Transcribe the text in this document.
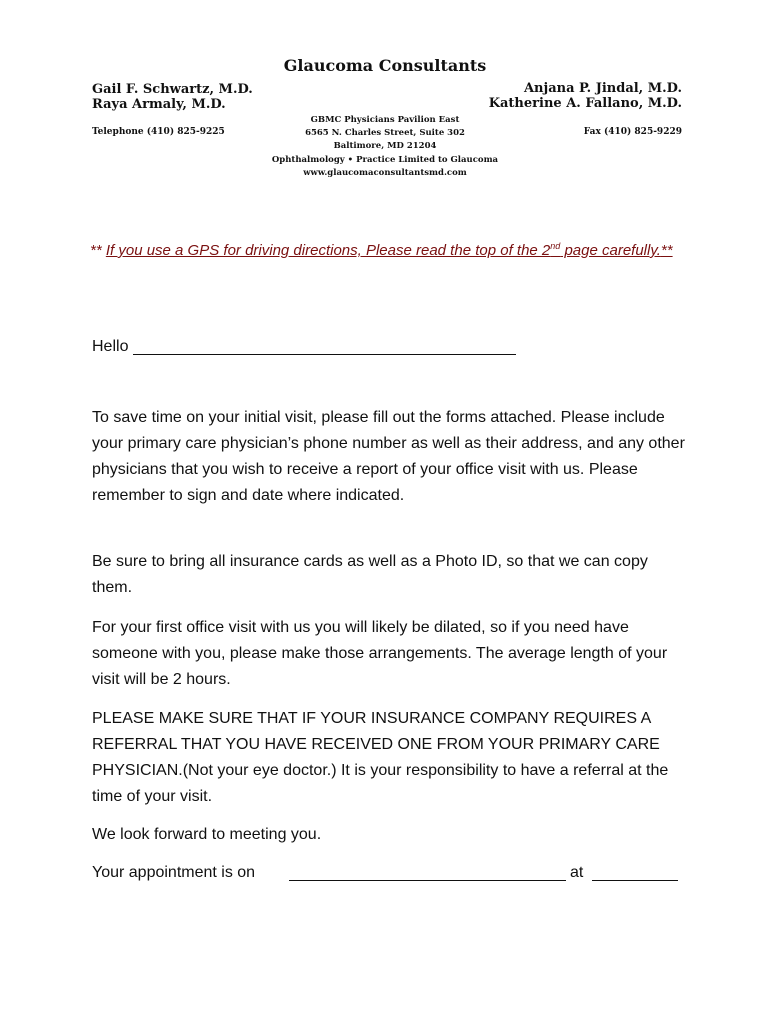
Glaucoma Consultants
Gail F. Schwartz, M.D.
Raya Armaly, M.D.
Anjana P. Jindal, M.D.
Katherine A. Fallano, M.D.
Telephone (410) 825-9225	Fax (410) 825-9229
GBMC Physicians Pavilion East
6565 N. Charles Street, Suite 302
Baltimore, MD 21204
Ophthalmology • Practice Limited to Glaucoma
www.glaucomaconsultantsmd.com
** If you use a GPS for driving directions, Please read the top of the 2nd page carefully.**
Hello
To save time on your initial visit, please fill out the forms attached. Please include your primary care physician’s phone number as well as their address, and any other physicians that you wish to receive a report of your office visit with us. Please remember to sign and date where indicated.
Be sure to bring all insurance cards as well as a Photo ID, so that we can copy them.
For your first office visit with us you will likely be dilated, so if you need have someone with you, please make those arrangements. The average length of your visit will be 2 hours.
PLEASE MAKE SURE THAT IF YOUR INSURANCE COMPANY REQUIRES A REFERRAL THAT YOU HAVE RECEIVED ONE FROM YOUR PRIMARY CARE PHYSICIAN.(Not your eye doctor.) It is your responsibility to have a referral at the time of your visit.
We look forward to meeting you.
Your appointment is on	at
